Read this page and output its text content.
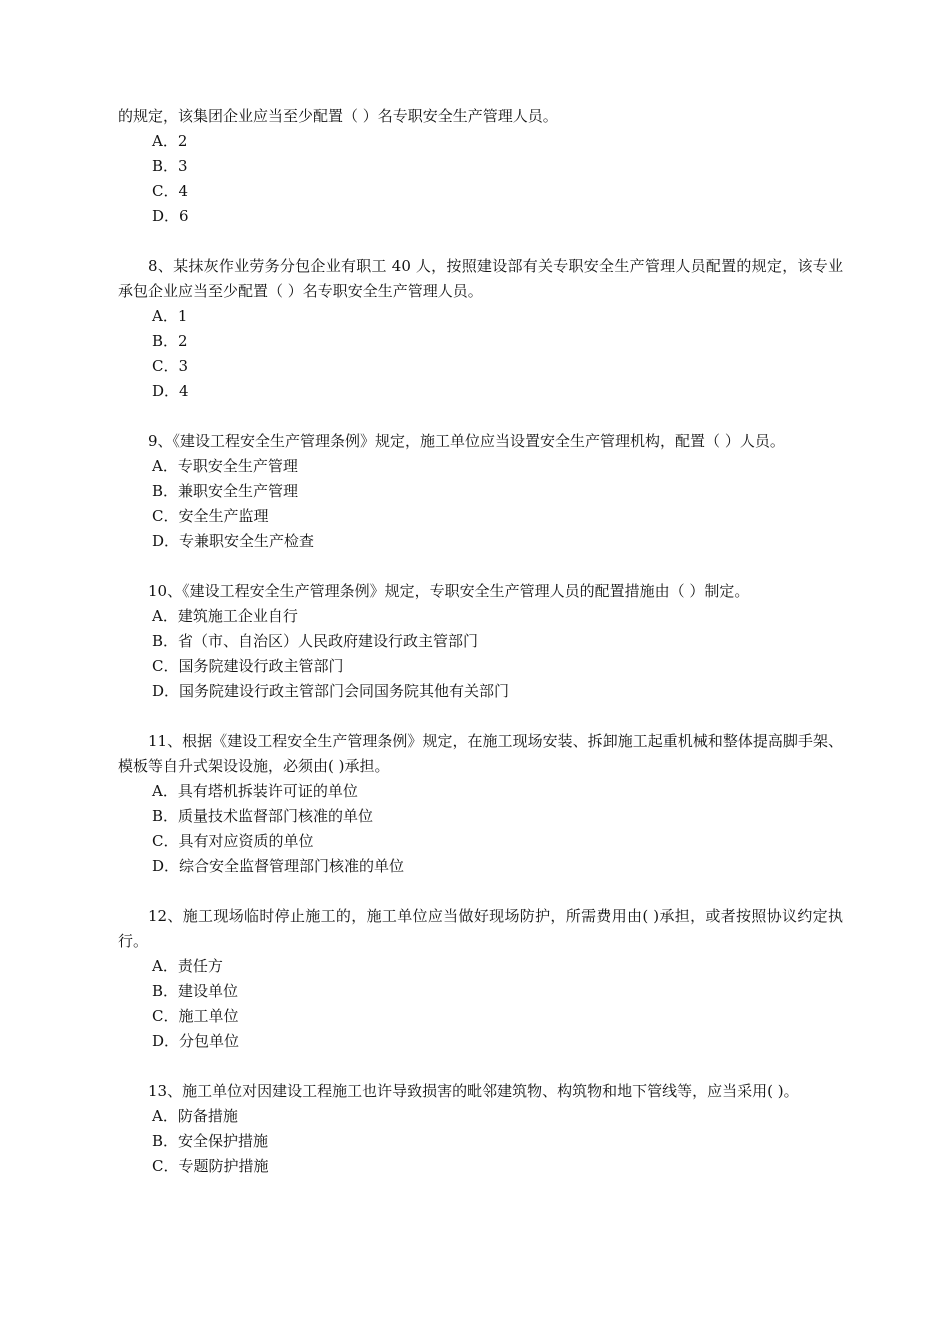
的规定，该集团企业应当至少配置（ ）名专职安全生产管理人员。

A．2
B．3
C．4
D．6

8、某抹灰作业劳务分包企业有职工 40 人，按照建设部有关专职安全生产管理人员配置的规定，该专业承包企业应当至少配置（ ）名专职安全生产管理人员。

A．1
B．2
C．3
D．4

9、《建设工程安全生产管理条例》规定，施工单位应当设置安全生产管理机构，配置（ ）人员。

A．专职安全生产管理
B．兼职安全生产管理
C．安全生产监理
D．专兼职安全生产检查

10、《建设工程安全生产管理条例》规定，专职安全生产管理人员的配置措施由（ ）制定。

A．建筑施工企业自行
B．省（市、自治区）人民政府建设行政主管部门
C．国务院建设行政主管部门
D．国务院建设行政主管部门会同国务院其他有关部门

11、根据《建设工程安全生产管理条例》规定，在施工现场安装、拆卸施工起重机械和整体提高脚手架、模板等自升式架设设施，必须由( )承担。

A．具有塔机拆装许可证的单位
B．质量技术监督部门核准的单位
C．具有对应资质的单位
D．综合安全监督管理部门核准的单位

12、施工现场临时停止施工的，施工单位应当做好现场防护，所需费用由( )承担，或者按照协议约定执行。

A．责任方
B．建设单位
C．施工单位
D．分包单位

13、施工单位对因建设工程施工也许导致损害的毗邻建筑物、构筑物和地下管线等，应当采用( )。

A．防备措施
B．安全保护措施
C．专题防护措施
